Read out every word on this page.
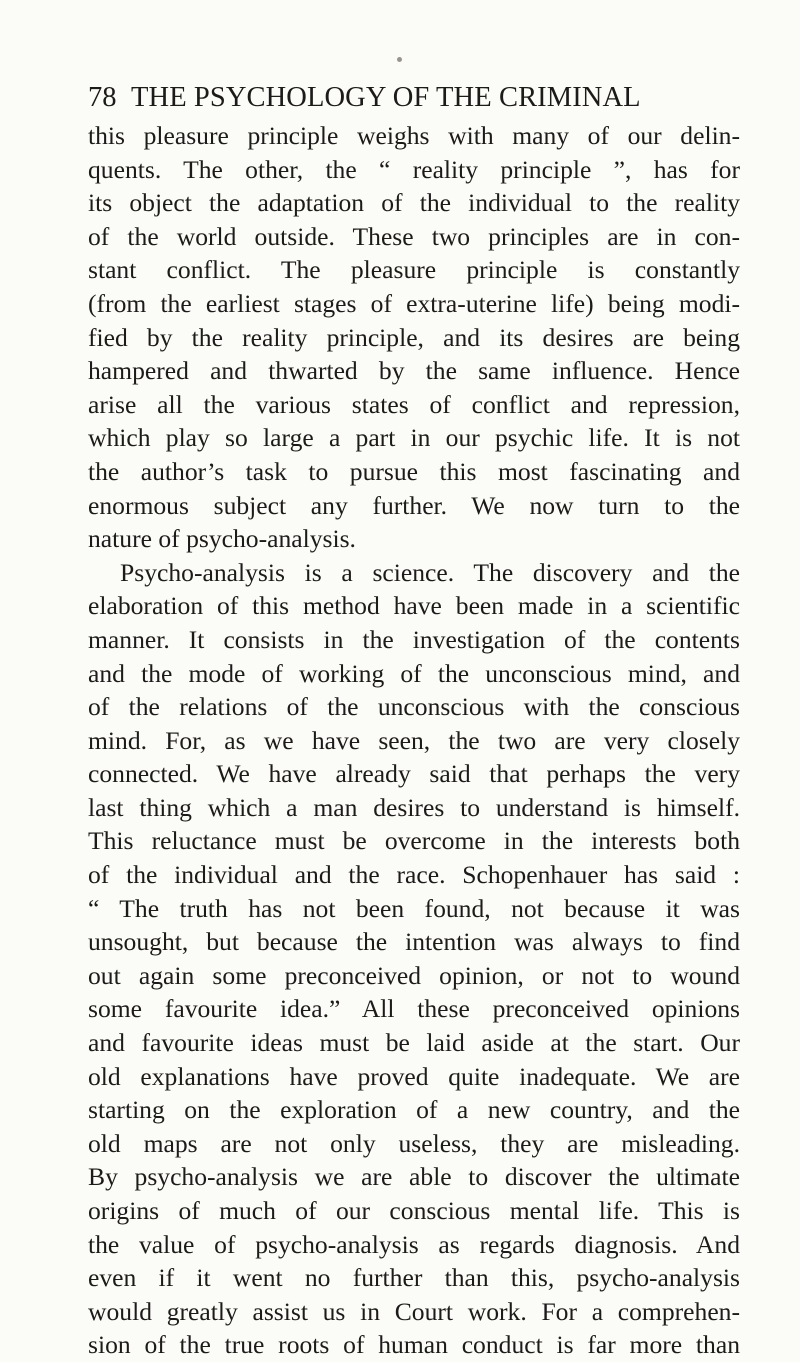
78 THE PSYCHOLOGY OF THE CRIMINAL
this pleasure principle weighs with many of our delin-
quents. The other, the “ reality principle ”, has for
its object the adaptation of the individual to the reality
of the world outside. These two principles are in con-
stant conflict. The pleasure principle is constantly
(from the earliest stages of extra-uterine life) being modi-
fied by the reality principle, and its desires are being
hampered and thwarted by the same influence. Hence
arise all the various states of conflict and repression,
which play so large a part in our psychic life. It is not
the author’s task to pursue this most fascinating and
enormous subject any further. We now turn to the
nature of psycho-analysis.
Psycho-analysis is a science. The discovery and the
elaboration of this method have been made in a scientific
manner. It consists in the investigation of the contents
and the mode of working of the unconscious mind, and
of the relations of the unconscious with the conscious
mind. For, as we have seen, the two are very closely
connected. We have already said that perhaps the very
last thing which a man desires to understand is himself.
This reluctance must be overcome in the interests both
of the individual and the race. Schopenhauer has said :
“ The truth has not been found, not because it was
unsought, but because the intention was always to find
out again some preconceived opinion, or not to wound
some favourite idea.” All these preconceived opinions
and favourite ideas must be laid aside at the start. Our
old explanations have proved quite inadequate. We are
starting on the exploration of a new country, and the
old maps are not only useless, they are misleading.
By psycho-analysis we are able to discover the ultimate
origins of much of our conscious mental life. This is
the value of psycho-analysis as regards diagnosis. And
even if it went no further than this, psycho-analysis
would greatly assist us in Court work. For a comprehen-
sion of the true roots of human conduct is far more than
